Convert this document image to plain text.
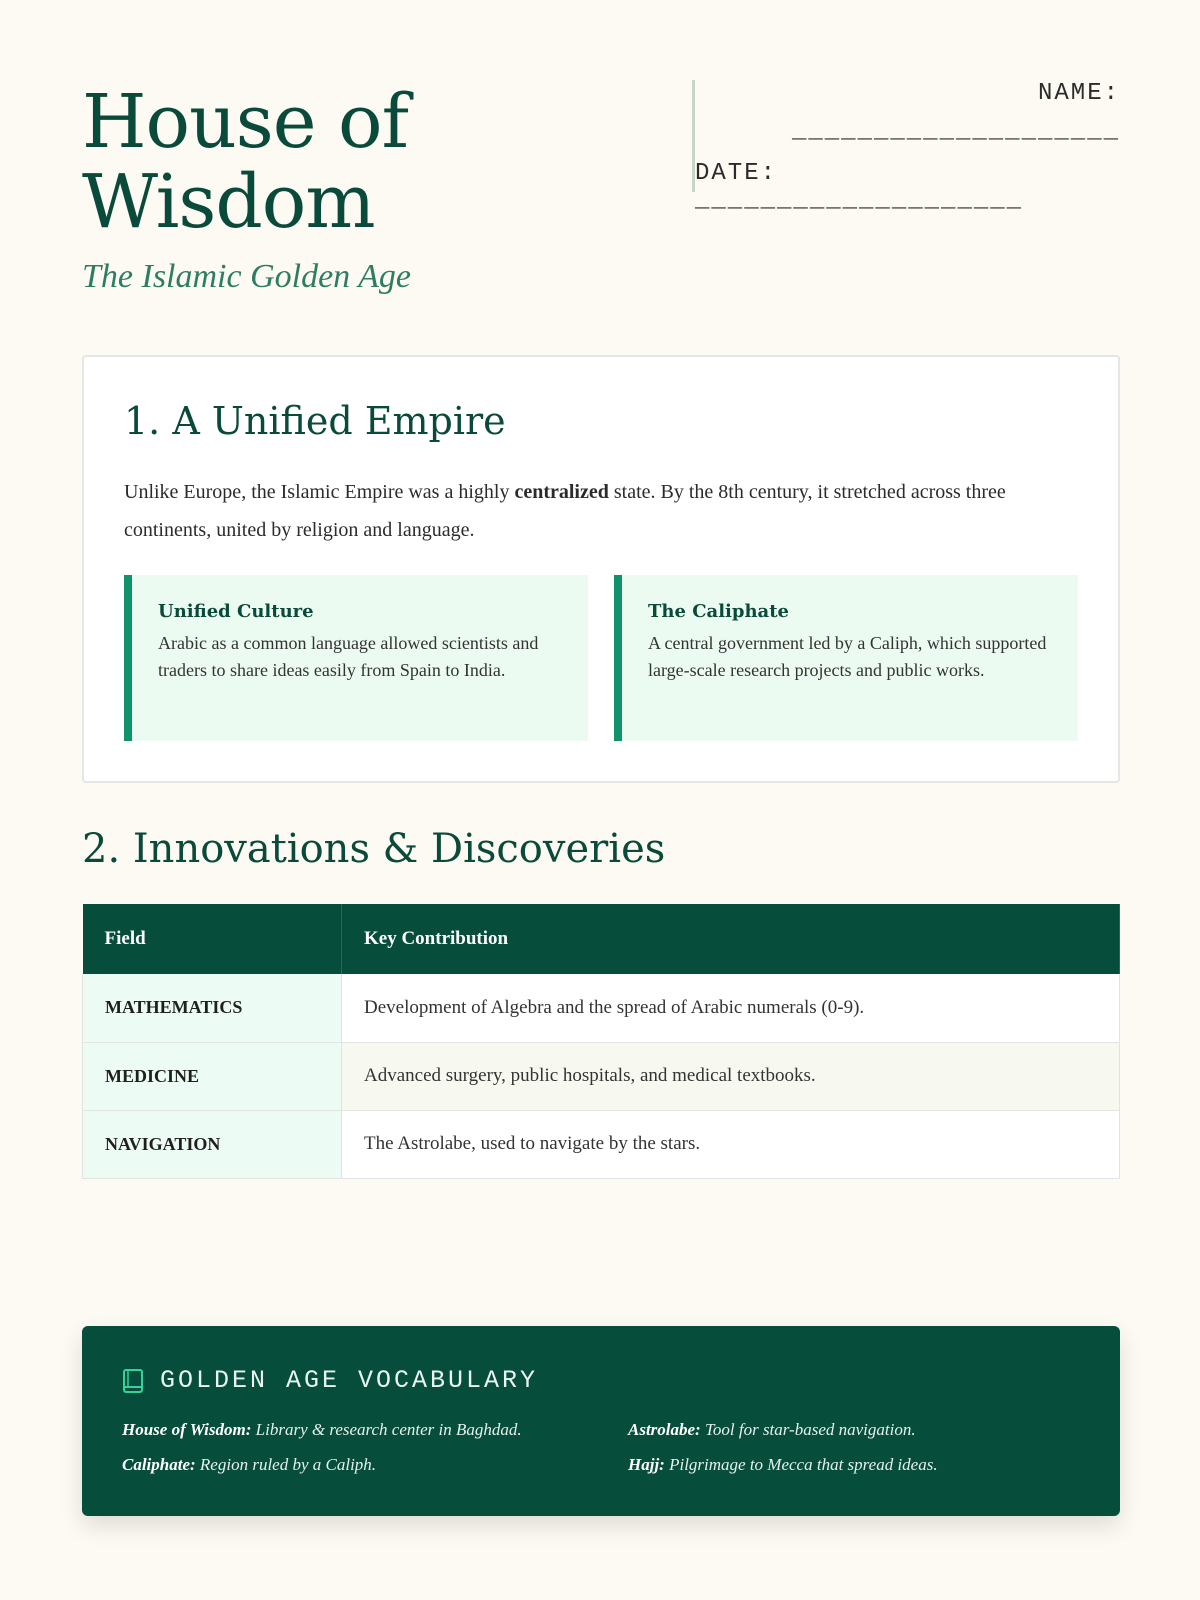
House of
Wisdom
The Islamic Golden Age
NAME:
____________________
DATE: ____________________
1. A Unified Empire

Unlike Europe, the Islamic Empire was a highly centralized state. By the 8th century, it stretched across three continents, united by religion and language.

Unified Culture

Arabic as a common language allowed scientists and traders to share ideas easily from Spain to India.

The Caliphate

A central government led by a Caliph, which supported large-scale research projects and public works.

2. Innovations & Discoveries
Field	Key Contribution
MATHEMATICS	Development of Algebra and the spread of Arabic numerals (0-9).
MEDICINE	Advanced surgery, public hospitals, and medical textbooks.
NAVIGATION	The Astrolabe, used to navigate by the stars.
GOLDEN AGE VOCABULARY
House of Wisdom: Library & research center in Baghdad.	Astrolabe: Tool for star-based navigation.
Caliphate: Region ruled by a Caliph.	Hajj: Pilgrimage to Mecca that spread ideas.
